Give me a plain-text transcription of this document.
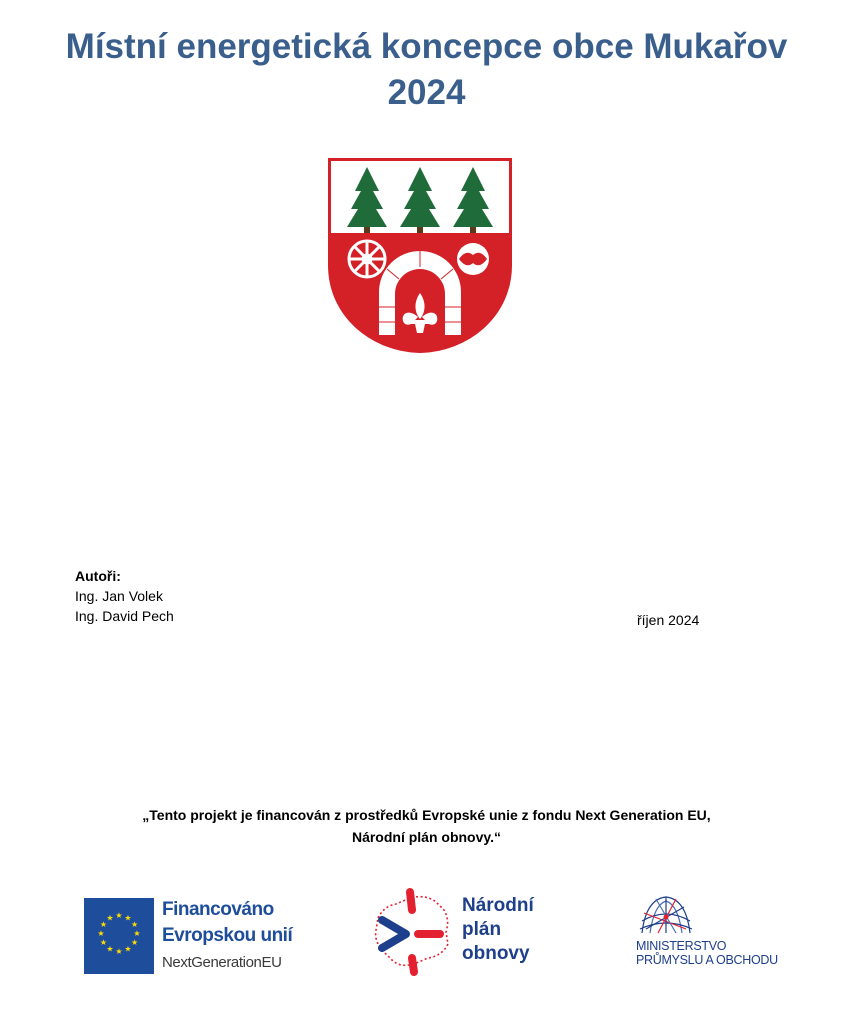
Místní energetická koncepce obce Mukařov
2024
Autoři:
Ing. Jan Volek
Ing. David Pech	říjen 2024
„Tento projekt je financován z prostředků Evropské unie z fondu Next Generation EU,
Národní plán obnovy.“
★ ★
★
★
★
★
★
★
★
★
★
★	Financováno
Evropskou unií
NextGenerationEU
Národní
plán
obnovy	MINISTERSTVO
PRŮMYSLU A OBCHODU
